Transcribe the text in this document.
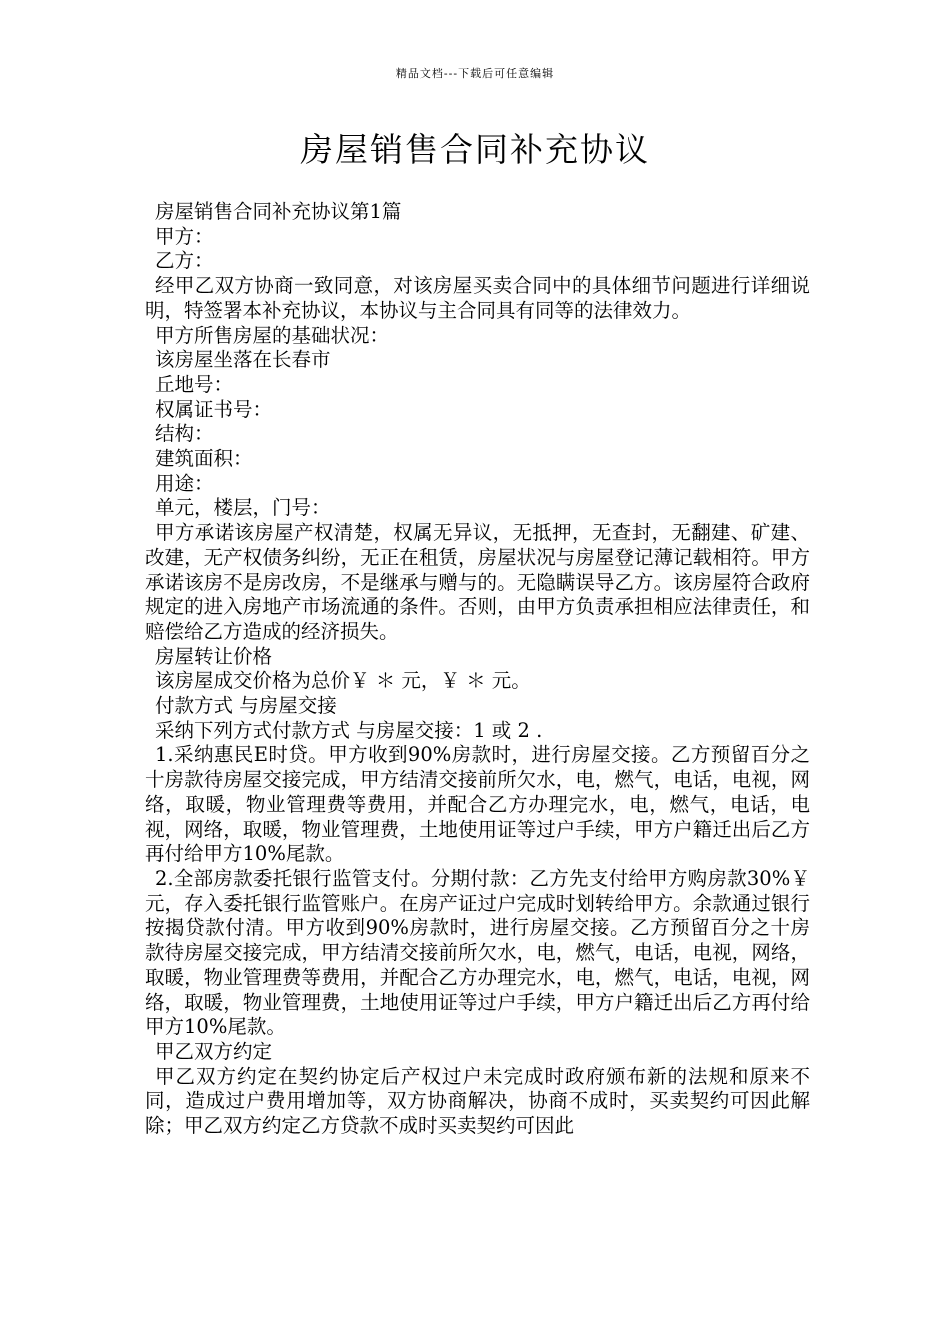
精品文档---下载后可任意编辑
房屋销售合同补充协议

房屋销售合同补充协议第1篇

甲方：

乙方：

经甲乙双方协商一致同意，对该房屋买卖合同中的具体细节问题进行详细说明，特签署本补充协议，本协议与主合同具有同等的法律效力。

甲方所售房屋的基础状况：

该房屋坐落在长春市

丘地号：

权属证书号：

结构：

建筑面积：

用途：

单元，楼层，门号：

甲方承诺该房屋产权清楚，权属无异议，无抵押，无查封，无翻建、矿建、改建，无产权债务纠纷，无正在租赁，房屋状况与房屋登记薄记载相符。甲方承诺该房不是房改房，不是继承与赠与的。无隐瞒误导乙方。该房屋符合政府规定的进入房地产市场流通的条件。否则，由甲方负责承担相应法律责任，和赔偿给乙方造成的经济损失。

房屋转让价格

该房屋成交价格为总价￥ ＊ 元，￥ ＊ 元。

付款方式 与房屋交接

采纳下列方式付款方式 与房屋交接：1 或 2 .

1.采纳惠民E时贷。甲方收到90%房款时，进行房屋交接。乙方预留百分之十房款待房屋交接完成，甲方结清交接前所欠水，电，燃气，电话，电视，网络，取暖，物业管理费等费用，并配合乙方办理完水，电，燃气，电话，电视，网络，取暖，物业管理费，土地使用证等过户手续，甲方户籍迁出后乙方再付给甲方10%尾款。

2.全部房款委托银行监管支付。分期付款：乙方先支付给甲方购房款30%￥ 元，存入委托银行监管账户。在房产证过户完成时划转给甲方。余款通过银行按揭贷款付清。甲方收到90%房款时，进行房屋交接。乙方预留百分之十房款待房屋交接完成，甲方结清交接前所欠水，电，燃气，电话，电视，网络，取暖，物业管理费等费用，并配合乙方办理完水，电，燃气，电话，电视，网络，取暖，物业管理费，土地使用证等过户手续，甲方户籍迁出后乙方再付给甲方10%尾款。

甲乙双方约定

甲乙双方约定在契约协定后产权过户未完成时政府颁布新的法规和原来不同，造成过户费用增加等，双方协商解决，协商不成时，买卖契约可因此解除；甲乙双方约定乙方贷款不成时买卖契约可因此
